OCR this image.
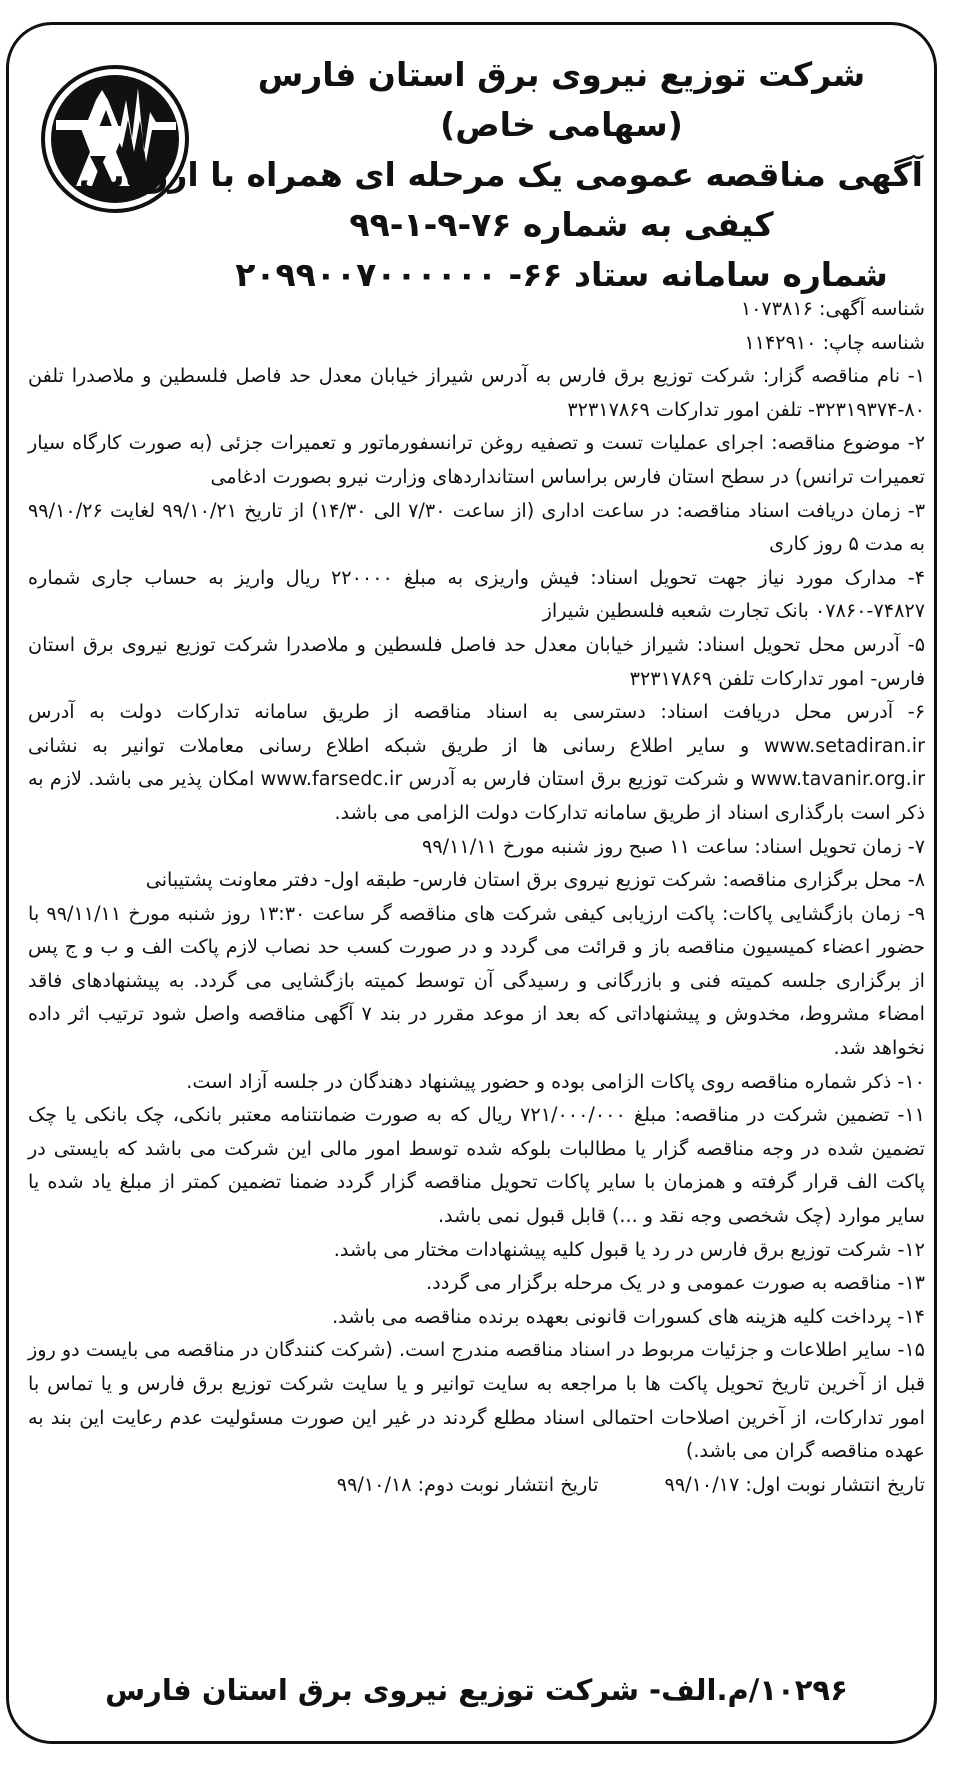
شرکت توزیع نیروی برق استان فارس
(سهامی خاص)
آگهی مناقصه عمومی یک مرحله ای همراه با ارزیابی
کیفی به شماره ۷۶-۹-۱-۹۹
شماره سامانه ستاد ۶۶- ۲۰۹۹۰۰۷۰۰۰۰۰۰
شناسه آگهی: ۱۰۷۳۸۱۶
شناسه چاپ: ۱۱۴۲۹۱۰
۱- نام مناقصه گزار: شرکت توزیع برق فارس به آدرس شیراز خیابان معدل حد فاصل فلسطین و ملاصدرا تلفن ۸۰-۳۲۳۱۹۳۷۴- تلفن امور تدارکات ۳۲۳۱۷۸۶۹
۲- موضوع مناقصه: اجرای عملیات تست و تصفیه روغن ترانسفورماتور و تعمیرات جزئی (به صورت کارگاه سیار تعمیرات ترانس) در سطح استان فارس براساس استانداردهای وزارت نیرو بصورت ادغامی
۳- زمان دریافت اسناد مناقصه: در ساعت اداری (از ساعت ۷/۳۰ الی ۱۴/۳۰) از تاریخ ۹۹/۱۰/۲۱ لغایت ۹۹/۱۰/۲۶ به مدت ۵ روز کاری
۴- مدارک مورد نیاز جهت تحویل اسناد: فیش واریزی به مبلغ ۲۲۰۰۰۰ ریال واریز به حساب جاری شماره ۷۴۸۲۷-۰۷۸۶۰ بانک تجارت شعبه فلسطین شیراز
۵- آدرس محل تحویل اسناد: شیراز خیابان معدل حد فاصل فلسطین و ملاصدرا شرکت توزیع نیروی برق استان فارس- امور تدارکات تلفن ۳۲۳۱۷۸۶۹
۶- آدرس محل دریافت اسناد: دسترسی به اسناد مناقصه از طریق سامانه تدارکات دولت به آدرس www.setadiran.ir و سایر اطلاع رسانی ها از طریق شبکه اطلاع رسانی معاملات توانیر به نشانی www.tavanir.org.ir و شرکت توزیع برق استان فارس به آدرس www.farsedc.ir امکان پذیر می باشد. لازم به ذکر است بارگذاری اسناد از طریق سامانه تدارکات دولت الزامی می باشد.
۷- زمان تحویل اسناد: ساعت ۱۱ صبح روز شنبه مورخ ۹۹/۱۱/۱۱
۸- محل برگزاری مناقصه: شرکت توزیع نیروی برق استان فارس- طبقه اول- دفتر معاونت پشتیبانی
۹- زمان بازگشایی پاکات: پاکت ارزیابی کیفی شرکت های مناقصه گر ساعت ۱۳:۳۰ روز شنبه مورخ ۹۹/۱۱/۱۱ با حضور اعضاء کمیسیون مناقصه باز و قرائت می گردد و در صورت کسب حد نصاب لازم پاکت الف و ب و ج پس از برگزاری جلسه کمیته فنی و بازرگانی و رسیدگی آن توسط کمیته بازگشایی می گردد. به پیشنهادهای فاقد امضاء مشروط، مخدوش و پیشنهاداتی که بعد از موعد مقرر در بند ۷ آگهی مناقصه واصل شود ترتیب اثر داده نخواهد شد.
۱۰- ذکر شماره مناقصه روی پاکات الزامی بوده و حضور پیشنهاد دهندگان در جلسه آزاد است.
۱۱- تضمین شرکت در مناقصه: مبلغ ۷۲۱/۰۰۰/۰۰۰ ریال که به صورت ضمانتنامه معتبر بانکی، چک بانکی یا چک تضمین شده در وجه مناقصه گزار یا مطالبات بلوکه شده توسط امور مالی این شرکت می باشد که بایستی در پاکت الف قرار گرفته و همزمان با سایر پاکات تحویل مناقصه گزار گردد ضمنا تضمین کمتر از مبلغ یاد شده یا سایر موارد (چک شخصی وجه نقد و ...) قابل قبول نمی باشد.
۱۲- شرکت توزیع برق فارس در رد یا قبول کلیه پیشنهادات مختار می باشد.
۱۳- مناقصه به صورت عمومی و در یک مرحله برگزار می گردد.
۱۴- پرداخت کلیه هزینه های کسورات قانونی بعهده برنده مناقصه می باشد.
۱۵- سایر اطلاعات و جزئیات مربوط در اسناد مناقصه مندرج است. (شرکت کنندگان در مناقصه می بایست دو روز قبل از آخرین تاریخ تحویل پاکت ها با مراجعه به سایت توانیر و یا سایت شرکت توزیع برق فارس و یا تماس با امور تدارکات، از آخرین اصلاحات احتمالی اسناد مطلع گردند در غیر این صورت مسئولیت عدم رعایت این بند به عهده مناقصه گران می باشد.)
تاریخ انتشار نوبت اول: ۹۹/۱۰/۱۷ تاریخ انتشار نوبت دوم: ۹۹/۱۰/۱۸
۱۰۲۹۶/م.الف- شرکت توزیع نیروی برق استان فارس
